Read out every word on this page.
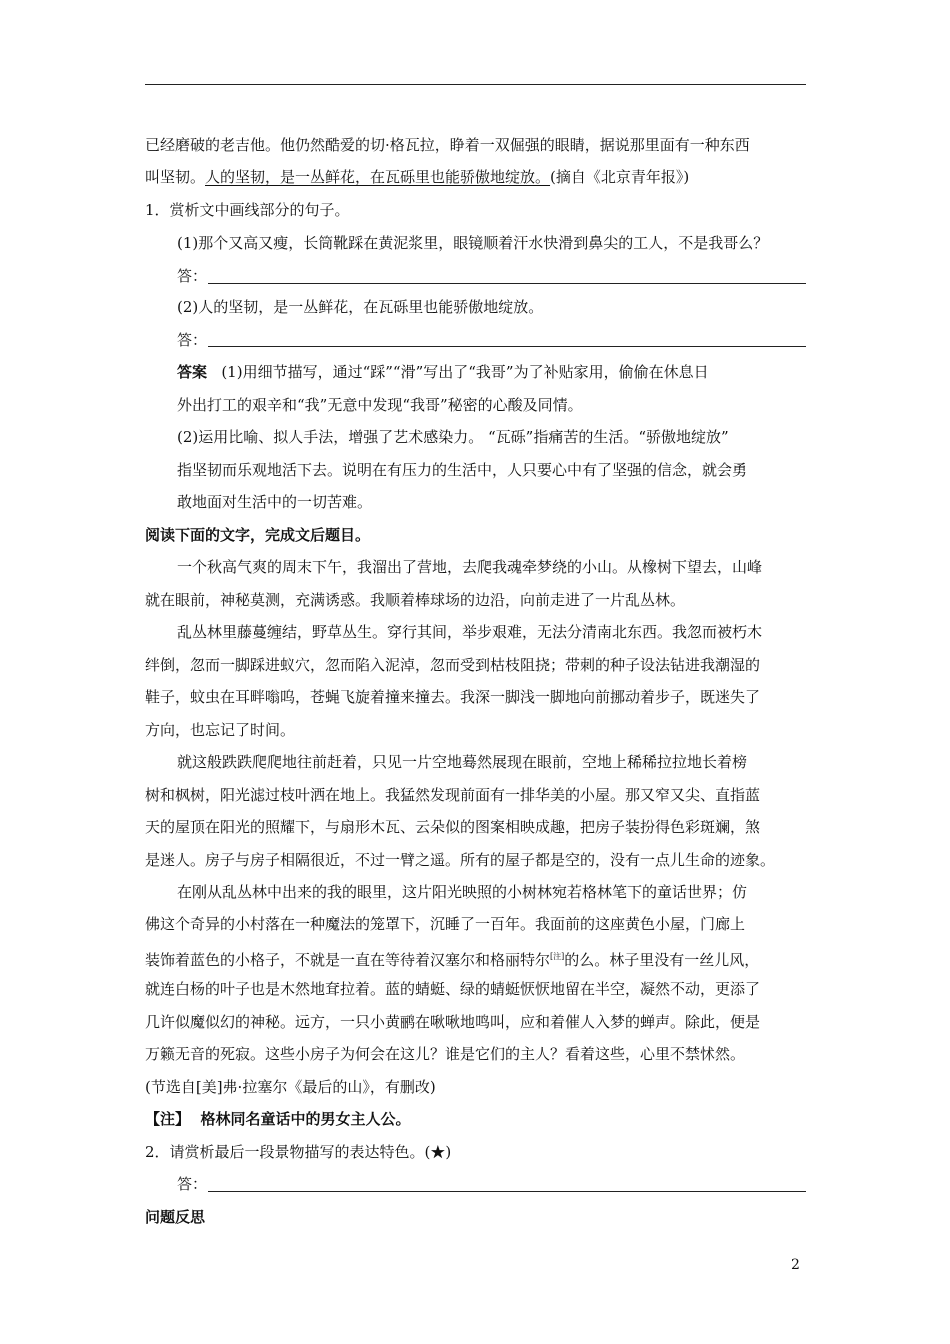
已经磨破的老吉他。他仍然酷爱的切·格瓦拉，睁着一双倔强的眼睛，据说那里面有一种东西
叫坚韧。人的坚韧，是一丛鲜花，在瓦砾里也能骄傲地绽放。(摘自《北京青年报》)
1．赏析文中画线部分的句子。
(1)那个又高又瘦，长筒靴踩在黄泥浆里，眼镜顺着汗水快滑到鼻尖的工人，不是我哥么？
答：
(2)人的坚韧，是一丛鲜花，在瓦砾里也能骄傲地绽放。
答：
答案 (1)用细节描写，通过“踩”“滑”写出了“我哥”为了补贴家用，偷偷在休息日
外出打工的艰辛和“我”无意中发现“我哥”秘密的心酸及同情。
(2)运用比喻、拟人手法，增强了艺术感染力。 “瓦砾”指痛苦的生活。“骄傲地绽放”
指坚韧而乐观地活下去。说明在有压力的生活中，人只要心中有了坚强的信念，就会勇
敢地面对生活中的一切苦难。
阅读下面的文字，完成文后题目。
一个秋高气爽的周末下午，我溜出了营地，去爬我魂牵梦绕的小山。从橡树下望去，山峰
就在眼前，神秘莫测，充满诱惑。我顺着棒球场的边沿，向前走进了一片乱丛林。
乱丛林里藤蔓缠结，野草丛生。穿行其间，举步艰难，无法分清南北东西。我忽而被朽木
绊倒，忽而一脚踩进蚁穴，忽而陷入泥淖，忽而受到枯枝阻挠；带刺的种子设法钻进我潮湿的
鞋子，蚊虫在耳畔嗡呜，苍蝇飞旋着撞来撞去。我深一脚浅一脚地向前挪动着步子，既迷失了
方向，也忘记了时间。
就这般跌跌爬爬地往前赶着，只见一片空地蓦然展现在眼前，空地上稀稀拉拉地长着榜
树和枫树，阳光滤过枝叶洒在地上。我猛然发现前面有一排华美的小屋。那又窄又尖、直指蓝
天的屋顶在阳光的照耀下，与扇形木瓦、云朵似的图案相映成趣，把房子装扮得色彩斑斓，煞
是迷人。房子与房子相隔很近，不过一臂之遥。所有的屋子都是空的，没有一点儿生命的迹象。
在刚从乱丛林中出来的我的眼里，这片阳光映照的小树林宛若格林笔下的童话世界；仿
佛这个奇异的小村落在一种魔法的笼罩下，沉睡了一百年。我面前的这座黄色小屋，门廊上
装饰着蓝色的小格子，不就是一直在等待着汉塞尔和格丽特尔[注]的么。林子里没有一丝儿风，
就连白杨的叶子也是木然地耷拉着。蓝的蜻蜓、绿的蜻蜓恹恹地留在半空，凝然不动，更添了
几许似魔似幻的神秘。远方，一只小黄鹂在啾啾地鸣叫，应和着催人入梦的蝉声。除此，便是
万籁无音的死寂。这些小房子为何会在这儿？谁是它们的主人？看着这些，心里不禁怵然。
(节选自[美]弗·拉塞尔《最后的山》，有删改)
【注】 格林同名童话中的男女主人公。
2．请赏析最后一段景物描写的表达特色。(★)
答：
问题反思
2
